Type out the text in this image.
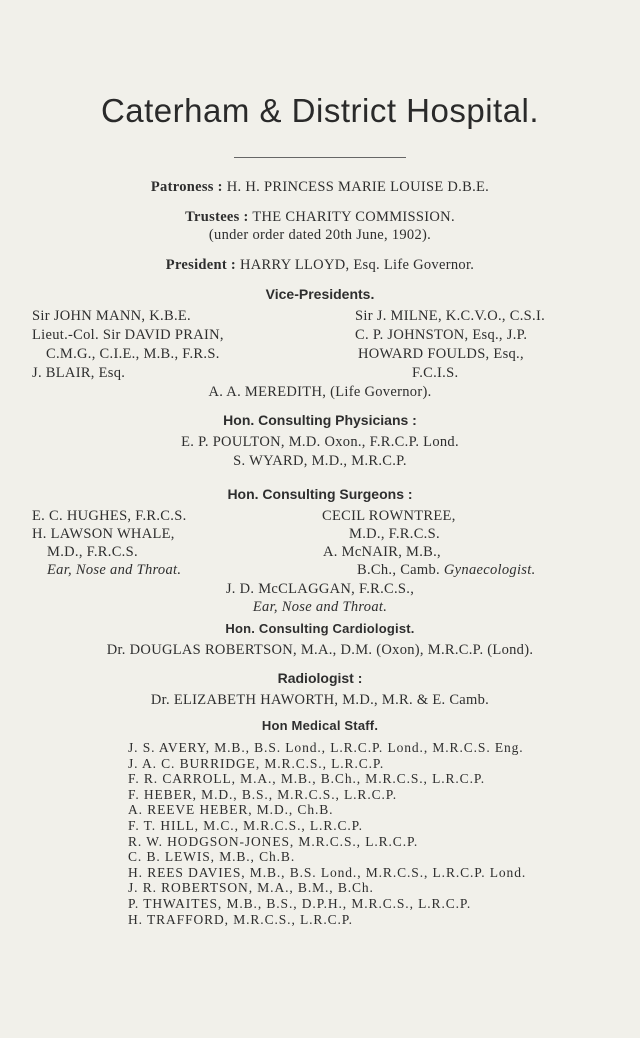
Caterham & District Hospital.
Patroness : H. H. PRINCESS MARIE LOUISE D.B.E.
Trustees : THE CHARITY COMMISSION.
(under order dated 20th June, 1902).
President : HARRY LLOYD, Esq. Life Governor.
Vice-Presidents.
Sir JOHN MANN, K.B.E.
Lieut.-Col. Sir DAVID PRAIN,
C.M.G., C.I.E., M.B., F.R.S.
J. BLAIR, Esq.
Sir J. MILNE, K.C.V.O., C.S.I.
C. P. JOHNSTON, Esq., J.P.
HOWARD FOULDS, Esq.,
F.C.I.S.
A. A. MEREDITH, (Life Governor).
Hon. Consulting Physicians :
E. P. POULTON, M.D. Oxon., F.R.C.P. Lond.
S. WYARD, M.D., M.R.C.P.
Hon. Consulting Surgeons :
E. C. HUGHES, F.R.C.S.
H. LAWSON WHALE,
M.D., F.R.C.S.
Ear, Nose and Throat.
CECIL ROWNTREE,
M.D., F.R.C.S.
A. McNAIR, M.B.,
B.Ch., Camb. Gynaecologist.
J. D. McCLAGGAN, F.R.C.S.,
Ear, Nose and Throat.
Hon. Consulting Cardiologist.
Dr. DOUGLAS ROBERTSON, M.A., D.M. (Oxon), M.R.C.P. (Lond).
Radiologist :
Dr. ELIZABETH HAWORTH, M.D., M.R. & E. Camb.
Hon Medical Staff.
J. S. AVERY, M.B., B.S. Lond., L.R.C.P. Lond., M.R.C.S. Eng.
J. A. C. BURRIDGE, M.R.C.S., L.R.C.P.
F. R. CARROLL, M.A., M.B., B.Ch., M.R.C.S., L.R.C.P.
F. HEBER, M.D., B.S., M.R.C.S., L.R.C.P.
A. REEVE HEBER, M.D., Ch.B.
F. T. HILL, M.C., M.R.C.S., L.R.C.P.
R. W. HODGSON-JONES, M.R.C.S., L.R.C.P.
C. B. LEWIS, M.B., Ch.B.
H. REES DAVIES, M.B., B.S. Lond., M.R.C.S., L.R.C.P. Lond.
J. R. ROBERTSON, M.A., B.M., B.Ch.
P. THWAITES, M.B., B.S., D.P.H., M.R.C.S., L.R.C.P.
H. TRAFFORD, M.R.C.S., L.R.C.P.
